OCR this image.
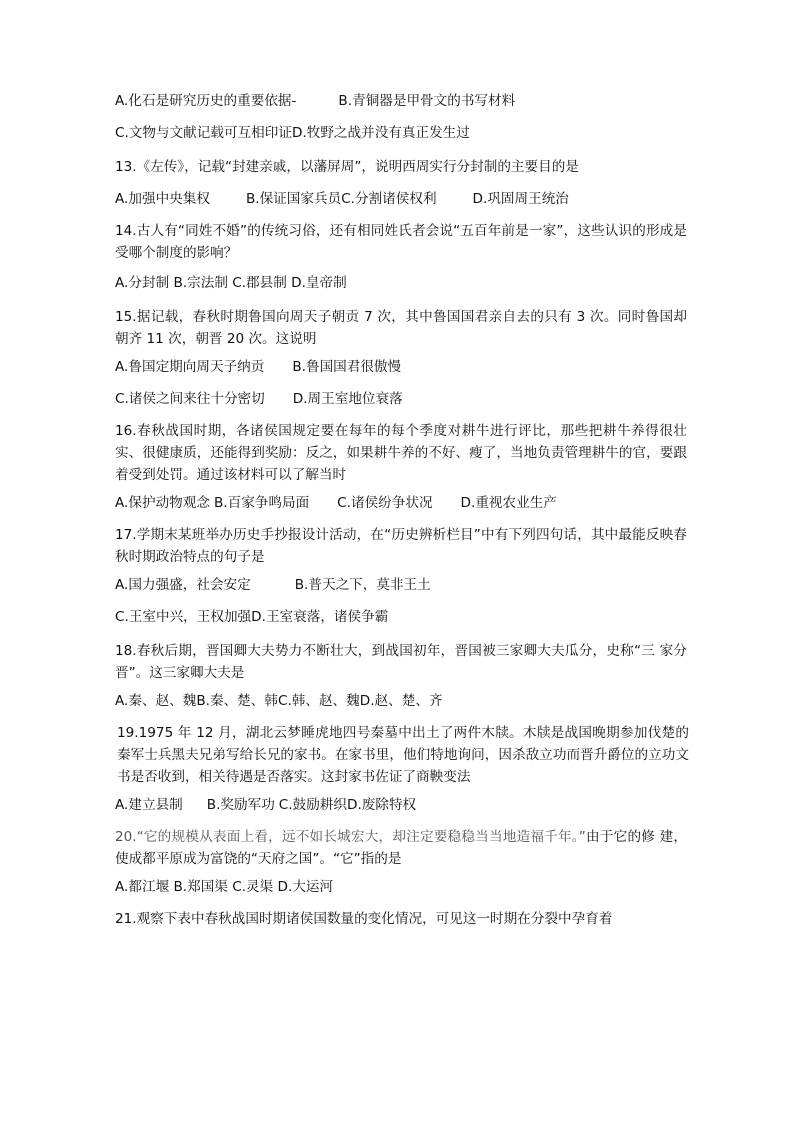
A.化石是研究历史的重要依据-	B.青铜器是甲骨文的书写材料
C.文物与文献记载可互相印证D.牧野之战并没有真正发生过
13.《左传》，记载“封建亲戚，以藩屏周”，说明西周实行分封制的主要目的是
A.加强中央集权	B.保证国家兵员C.分割诸侯权利	D.巩固周王统治
14.古人有“同姓不婚”的传统习俗，还有相同姓氏者会说“五百年前是一家”，这些认识的形成是受哪个制度的影响？
A.分封制 B.宗法制 C.郡县制 D.皇帝制
15.据记载，春秋时期鲁国向周天子朝贡 7 次，其中鲁国国君亲自去的只有 3 次。同时鲁国却朝齐 11 次，朝晋 20 次。这说明
A.鲁国定期向周天子纳贡 B.鲁国国君很傲慢
C.诸侯之间来往十分密切 D.周王室地位衰落
16.春秋战国时期，各诸侯国规定要在每年的每个季度对耕牛进行评比，那些把耕牛养得很壮实、很健康质，还能得到奖励：反之，如果耕牛养的不好、瘦了，当地负责管理耕牛的官，要跟着受到处罚。通过该材料可以了解当时
A.保护动物观念 B.百家争鸣局面 C.诸侯纷争状况 D.重视农业生产
17.学期末某班举办历史手抄报设计活动，在“历史辨析栏目”中有下列四句话，其中最能反映春秋时期政治特点的句子是
A.国力强盛，社会安定	B.普天之下，莫非王土
C.王室中兴，王权加强D.王室衰落，诸侯争霸
18.春秋后期，晋国卿大夫势力不断壮大，到战国初年，晋国被三家卿大夫瓜分，史称“三 家分晋”。这三家卿大夫是
A.秦、赵、魏B.秦、楚、韩C.韩、赵、魏D.赵、楚、齐
19.1975 年 12 月，湖北云梦睡虎地四号秦墓中出土了两件木牍。木牍是战国晚期参加伐楚的秦军士兵黑夫兄弟写给长兄的家书。在家书里，他们特地询问，因杀敌立功而晋升爵位的立功文书是否收到，相关待遇是否落实。这封家书佐证了商鞅变法
A.建立县制 B.奖励军功 C.鼓励耕织D.废除特权
20.“它的规模从表面上看，远不如长城宏大，却注定要稳稳当当地造福千年。”由于它的修 建，使成都平原成为富饶的“天府之国”。“它”指的是
A.都江堰 B.郑国渠 C.灵渠 D.大运河
21.观察下表中春秋战国时期诸侯国数量的变化情况，可见这一时期在分裂中孕育着
